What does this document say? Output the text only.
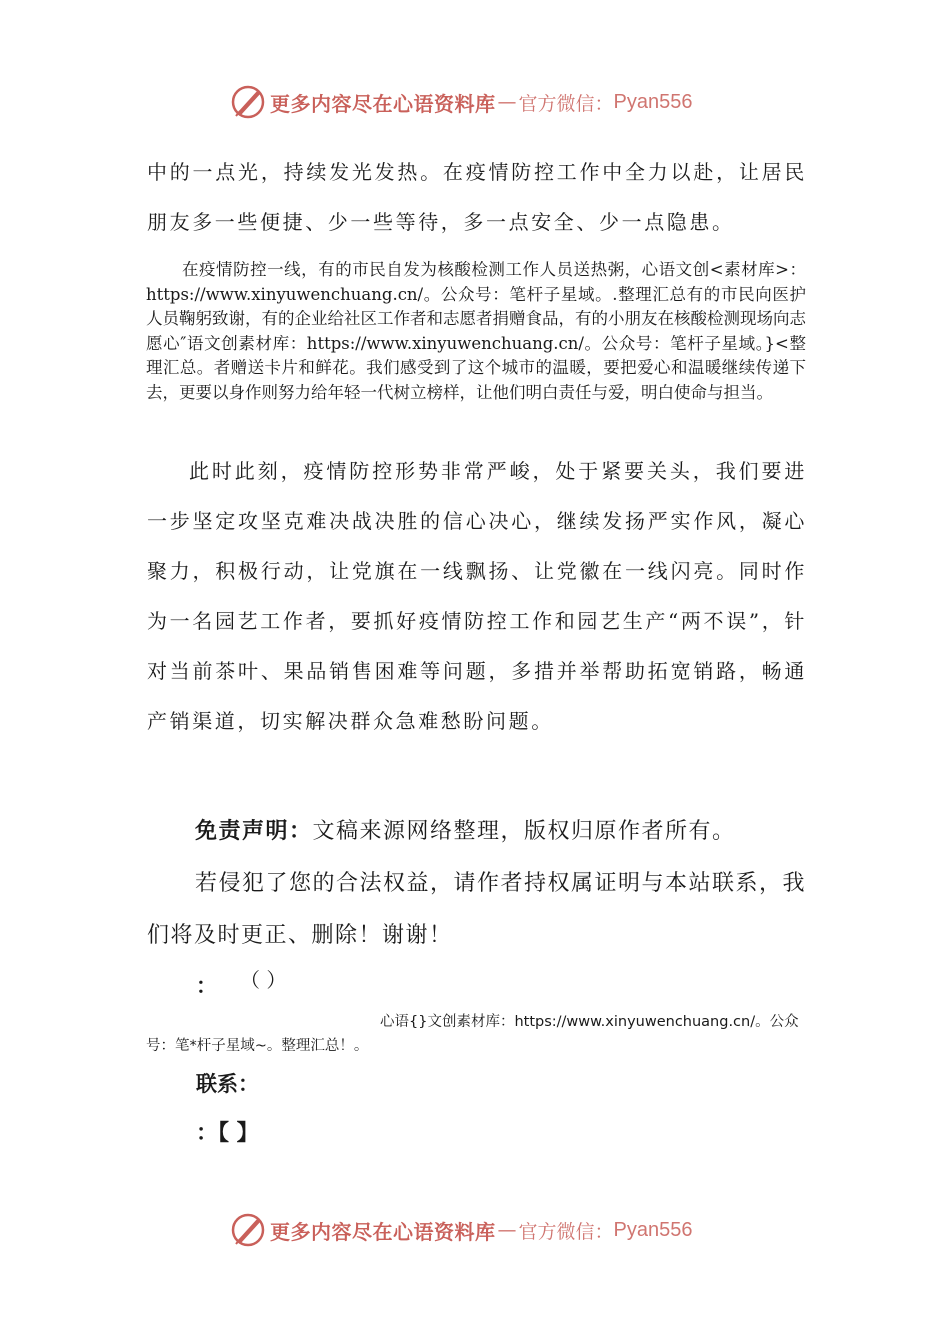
更多内容尽在心语资料库 — 官方微信： Pyan556

中的一点光，持续发光发热。在疫情防控工作中全力以赴，让居民朋友多一些便捷、少一些等待，多一点安全、少一点隐患。

在疫情防控一线，有的市民自发为核酸检测工作人员送热粥，心语文创<素材库>：https://www.xinyuwenchuang.cn/。公众号：笔杆子星域。.整理汇总有的市民向医护人员鞠躬致谢，有的企业给社区工作者和志愿者捐赠食品，有的小朋友在核酸检测现场向志愿心″语文创素材库：https://www.xinyuwenchuang.cn/。公众号：笔杆子星域。}<整理汇总。者赠送卡片和鲜花。我们感受到了这个城市的温暖，要把爱心和温暖继续传递下去，更要以身作则努力给年轻一代树立榜样，让他们明白责任与爱，明白使命与担当。

此时此刻，疫情防控形势非常严峻，处于紧要关头，我们要进一步坚定攻坚克难决战决胜的信心决心，继续发扬严实作风，凝心聚力，积极行动，让党旗在一线飘扬、让党徽在一线闪亮。同时作为一名园艺工作者，要抓好疫情防控工作和园艺生产“两不误”，针对当前茶叶、果品销售困难等问题，多措并举帮助拓宽销路，畅通产销渠道，切实解决群众急难愁盼问题。

免责声明：文稿来源网络整理，版权归原作者所有。
若侵犯了您的合法权益，请作者持权属证明与本站联系，我们将及时更正、删除！谢谢！
： （ ）
心语{}文创素材库：https://www.xinyuwenchuang.cn/。公众
号：笔*杆子星域~。整理汇总！。
联系：
：【 】
更多内容尽在心语资料库 — 官方微信： Pyan556
